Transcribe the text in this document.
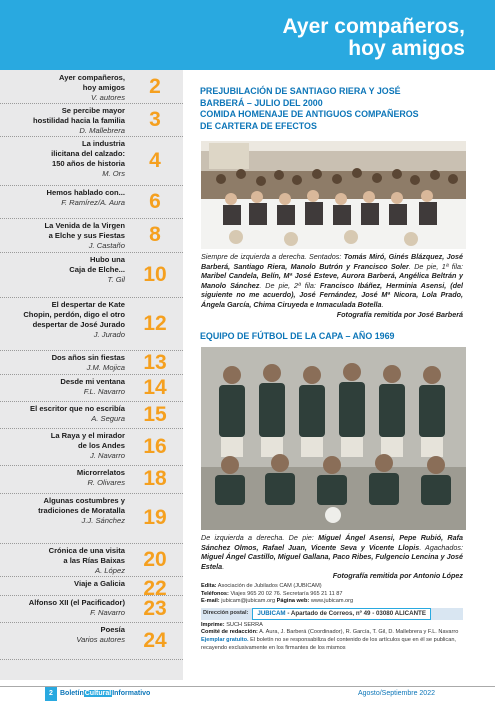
Ayer compañeros,
hoy amigos
Ayer compañeros,
hoy amigos
V. autores	2
Se percibe mayor
hostilidad hacia la familia
D. Mallebrera	3
La industria
ilicitana del calzado:
150 años de historia
M. Ors
4
Hemos hablado con...
F. Ramírez/A. Aura	6
La Venida de la Virgen
a Elche y sus Fiestas
J. Castaño	8
Hubo una
Caja de Elche...
T. Gil 10
El despertar de Kate
Chopin, perdón, digo el otro
despertar de José Jurado
J. Jurado 12
Dos años sin fiestas
J.M. Mojica 13
Desde mi ventana
F.L. Navarro 14
El escritor que no escribía
A. Segura 15
La Raya y el mirador
de los Andes
J. Navarro 16
Microrrelatos
R. Olivares 18
Algunas costumbres y
tradiciones de Moratalla
J.J. Sánchez 19
Crónica de una visita
a las Rías Baixas
A. López 20
Viaje a Galicia 22
Alfonso XII (el Pacificador)
F. Navarro 23
Poesía
Varios autores 24
PREJUBILACIÓN DE SANTIAGO RIERA Y JOSÉ
BARBERÁ – JULIO DEL 2000
COMIDA HOMENAJE DE ANTIGUOS COMPAÑEROS
DE CARTERA DE EFECTOS
Siempre de izquierda a derecha. Sentados: Tomás Miró, Ginés Blázquez, José Barberá, Santiago Riera, Manolo Butrón y Francisco Soler. De pie, 1ª fila: Maribel Candela, Belín, Mª José Esteve, Aurora Barberá, Angélica Beltrán y Manolo Sánchez. De pie, 2ª fila: Francisco Ibáñez, Herminia Asensi, (del siguiente no me acuerdo), José Fernández, José Mª Nicora, Lola Prado, Ángela García, Chima Ciruyeda e Inmaculada Botella.
Fotografía remitida por José Barberá
EQUIPO DE FÚTBOL DE LA CAPA – AÑO 1969
De izquierda a derecha. De pie: Miguel Ángel Asensi, Pepe Rubió, Rafa Sánchez Olmos, Rafael Juan, Vicente Seva y Vicente Llopis. Agachados: Miguel Ángel Castillo, Miguel Gallana, Paco Ribes, Fulgencio Lencina y José Estela.
Fotografía remitida por Antonio López
Edita: Asociación de Jubilados CAM (JUBICAM)
Teléfonos: Viajes 965 20 02 76. Secretaría 965 21 11 87
E-mail: jubicam@jubicam.org Página web: www.jubicam.org
Dirección postal:	JUBICAM - Apartado de Correos, nº 49 - 03080 ALICANTE
Imprime: SUCH SERRA
Comité de redacción: A. Aura, J. Barberá (Coordinador), R. García, T. Gil, D. Mallebrera y F.L. Navarro
Ejemplar gratuito. El boletín no se responsabiliza del contenido de los artículos que en él se publican, recayendo exclusivamente en los firmantes de los mismos
2	BoletínCulturalInformativo	Agosto/Septiembre 2022
